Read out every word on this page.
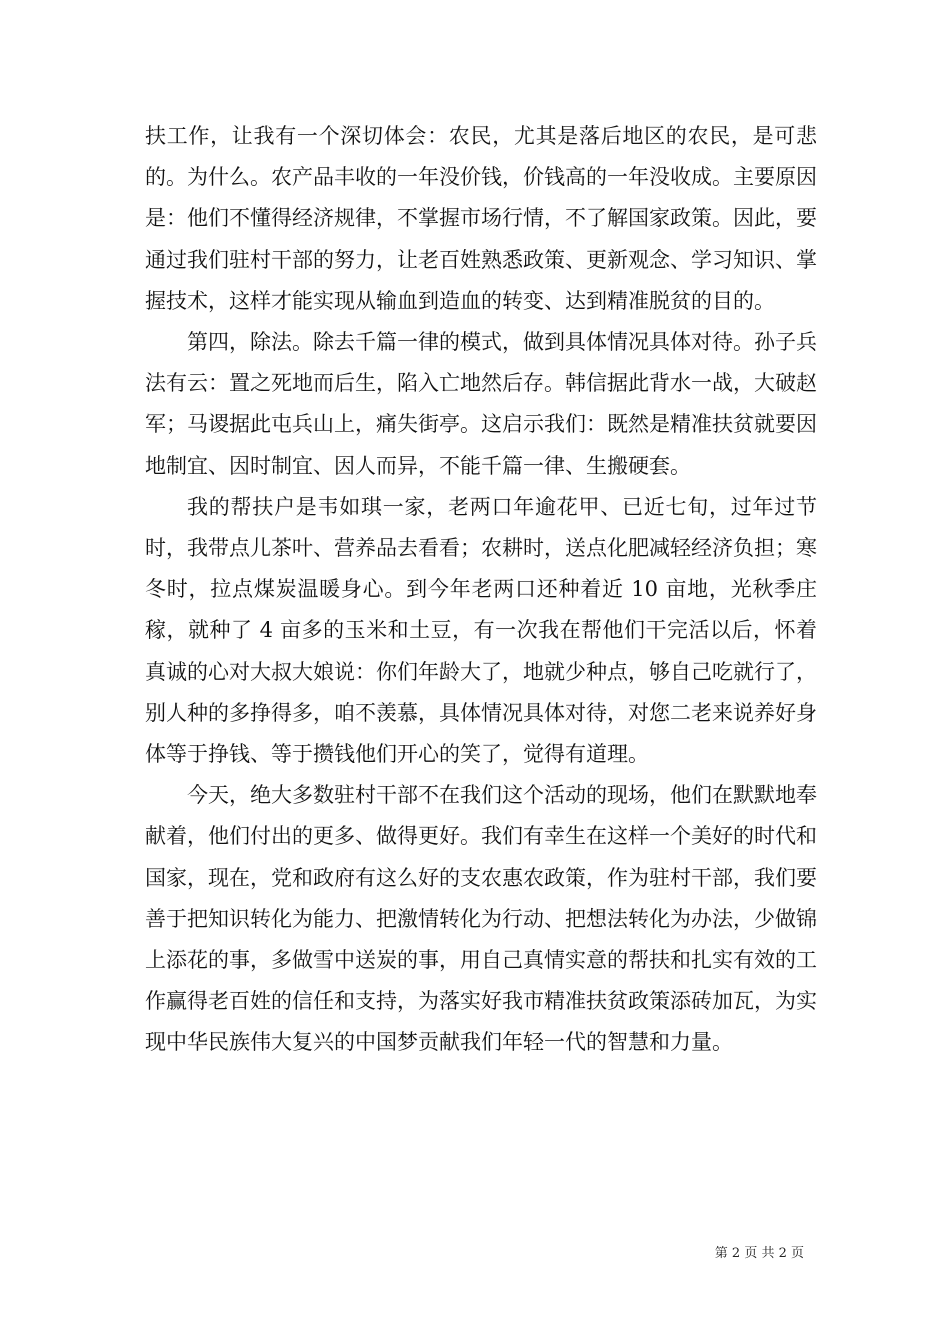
扶工作，让我有一个深切体会：农民，尤其是落后地区的农民，是可悲的。为什么。农产品丰收的一年没价钱，价钱高的一年没收成。主要原因是：他们不懂得经济规律，不掌握市场行情，不了解国家政策。因此，要通过我们驻村干部的努力，让老百姓熟悉政策、更新观念、学习知识、掌握技术，这样才能实现从输血到造血的转变、达到精准脱贫的目的。

第四，除法。除去千篇一律的模式，做到具体情况具体对待。孙子兵法有云：置之死地而后生，陷入亡地然后存。韩信据此背水一战，大破赵军；马谡据此屯兵山上，痛失街亭。这启示我们：既然是精准扶贫就要因地制宜、因时制宜、因人而异，不能千篇一律、生搬硬套。

我的帮扶户是韦如琪一家，老两口年逾花甲、已近七旬，过年过节时，我带点儿茶叶、营养品去看看；农耕时，送点化肥减轻经济负担；寒冬时，拉点煤炭温暖身心。到今年老两口还种着近 10 亩地，光秋季庄稼，就种了 4 亩多的玉米和土豆，有一次我在帮他们干完活以后，怀着真诚的心对大叔大娘说：你们年龄大了，地就少种点，够自己吃就行了，别人种的多挣得多，咱不羡慕，具体情况具体对待，对您二老来说养好身体等于挣钱、等于攒钱他们开心的笑了，觉得有道理。

今天，绝大多数驻村干部不在我们这个活动的现场，他们在默默地奉献着，他们付出的更多、做得更好。我们有幸生在这样一个美好的时代和国家，现在，党和政府有这么好的支农惠农政策，作为驻村干部，我们要善于把知识转化为能力、把激情转化为行动、把想法转化为办法，少做锦上添花的事，多做雪中送炭的事，用自己真情实意的帮扶和扎实有效的工作赢得老百姓的信任和支持，为落实好我市精准扶贫政策添砖加瓦，为实现中华民族伟大复兴的中国梦贡献我们年轻一代的智慧和力量。

第 2 页 共 2 页
